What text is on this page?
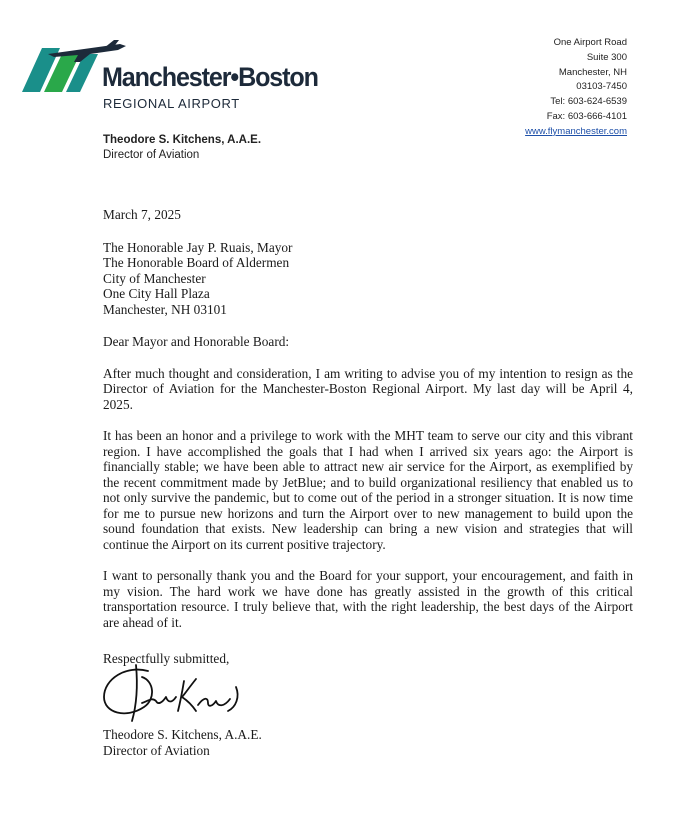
Manchester•Boston
REGIONAL AIRPORT
One Airport Road
Suite 300
Manchester, NH
03103-7450
Tel: 603-624-6539
Fax: 603-666-4101
www.flymanchester.com
Theodore S. Kitchens, A.A.E.
Director of Aviation

March 7, 2025

The Honorable Jay P. Ruais, Mayor
The Honorable Board of Aldermen
City of Manchester
One City Hall Plaza
Manchester, NH 03101

Dear Mayor and Honorable Board:

After much thought and consideration, I am writing to advise you of my intention to resign as the Director of Aviation for the Manchester-Boston Regional Airport. My last day will be April 4, 2025.

It has been an honor and a privilege to work with the MHT team to serve our city and this vibrant region. I have accomplished the goals that I had when I arrived six years ago: the Airport is financially stable; we have been able to attract new air service for the Airport, as exemplified by the recent commitment made by JetBlue; and to build organizational resiliency that enabled us to not only survive the pandemic, but to come out of the period in a stronger situation. It is now time for me to pursue new horizons and turn the Airport over to new management to build upon the sound foundation that exists. New leadership can bring a new vision and strategies that will continue the Airport on its current positive trajectory.

I want to personally thank you and the Board for your support, your encouragement, and faith in my vision. The hard work we have done has greatly assisted in the growth of this critical transportation resource. I truly believe that, with the right leadership, the best days of the Airport are ahead of it.

Respectfully submitted,
Theodore S. Kitchens, A.A.E.
Director of Aviation
